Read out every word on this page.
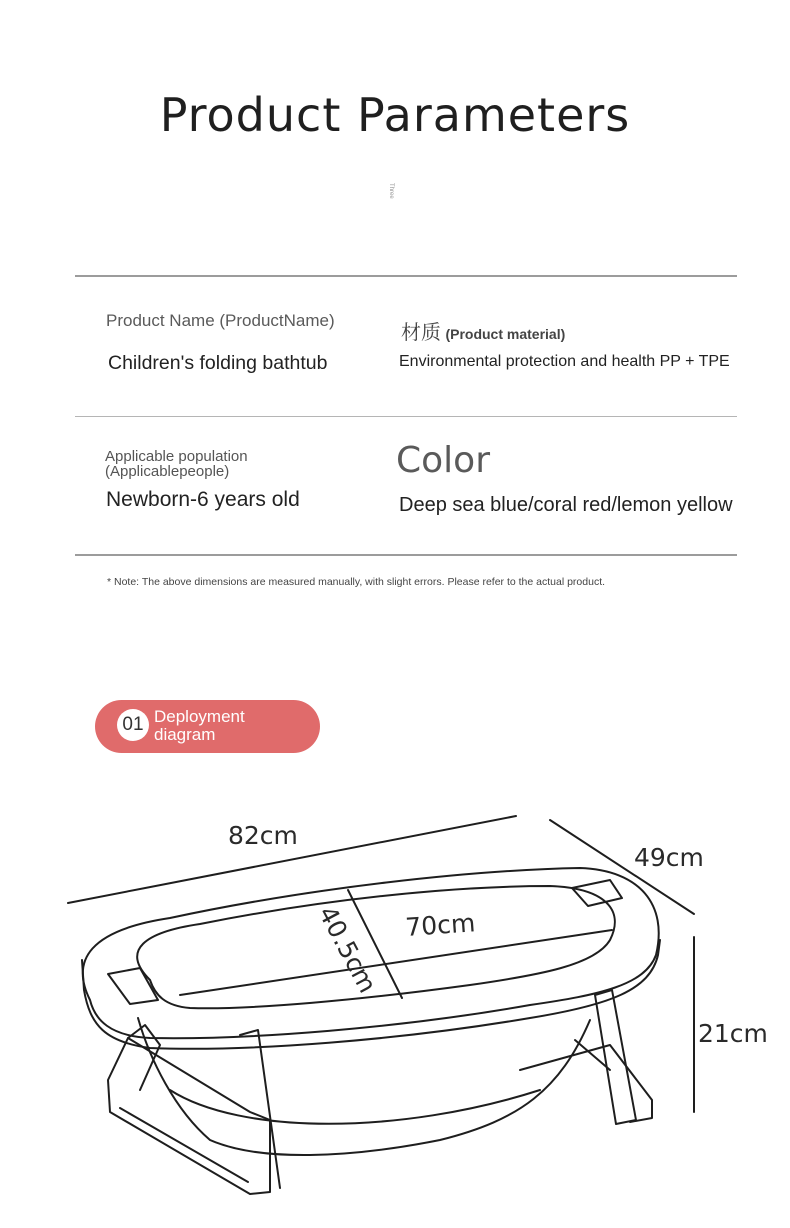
Product Parameters
Three
Product Name (ProductName)
Children's folding bathtub
材质 (Product material)
Environmental protection and health PP + TPE
Applicable population
(Applicablepeople)
Newborn-6 years old
Color
Deep sea blue/coral red/lemon yellow
* Note: The above dimensions are measured manually, with slight errors. Please refer to the actual product.
01 Deployment
diagram
82cm
49cm
21cm
70cm
40.5cm
